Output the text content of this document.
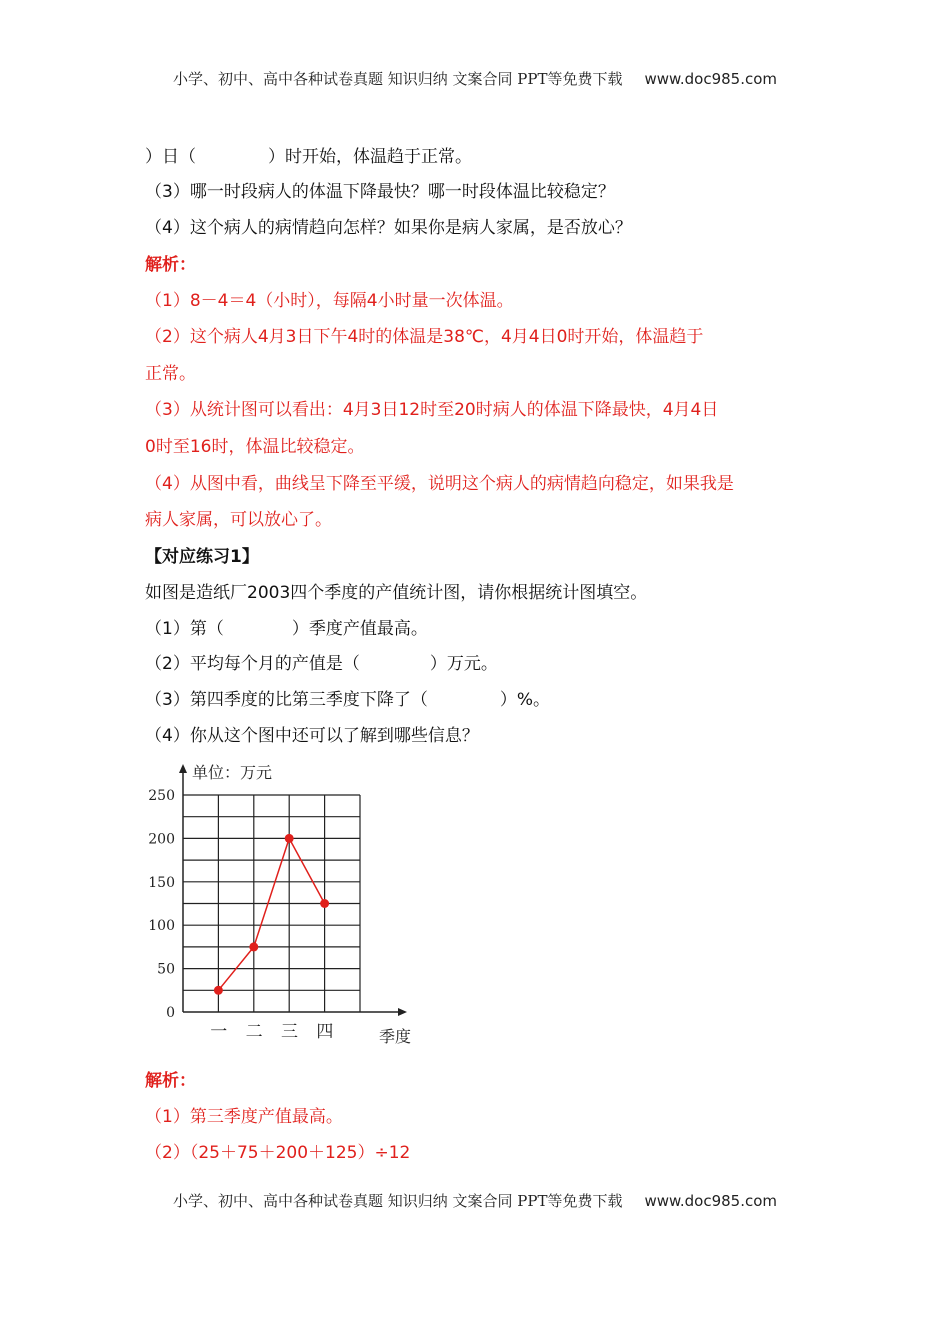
小学、初中、高中各种试卷真题 知识归纳 文案合同 PPT等免费下载 www.doc985.com
）日（	）时开始，体温趋于正常。
（3）哪一时段病人的体温下降最快？哪一时段体温比较稳定？
（4）这个病人的病情趋向怎样？如果你是病人家属，是否放心？
解析：
（1）8－4＝4（小时），每隔4小时量一次体温。
（2）这个病人4月3日下午4时的体温是38℃，4月4日0时开始，体温趋于
正常。
（3）从统计图可以看出：4月3日12时至20时病人的体温下降最快，4月4日
0时至16时，体温比较稳定。
（4）从图中看，曲线呈下降至平缓，说明这个病人的病情趋向稳定，如果我是
病人家属，可以放心了。
【对应练习1】
如图是造纸厂2003四个季度的产值统计图，请你根据统计图填空。
（1）第（	）季度产值最高。
（2）平均每个月的产值是（	）万元。
（3）第四季度的比第三季度下降了（	）%。
（4）你从这个图中还可以了解到哪些信息？
单位：万元
250
200
150
100
50
0
一 二 三 四	季度
解析：
（1）第三季度产值最高。
（2）（25＋75＋200＋125）÷12
小学、初中、高中各种试卷真题 知识归纳 文案合同 PPT等免费下载 www.doc985.com
